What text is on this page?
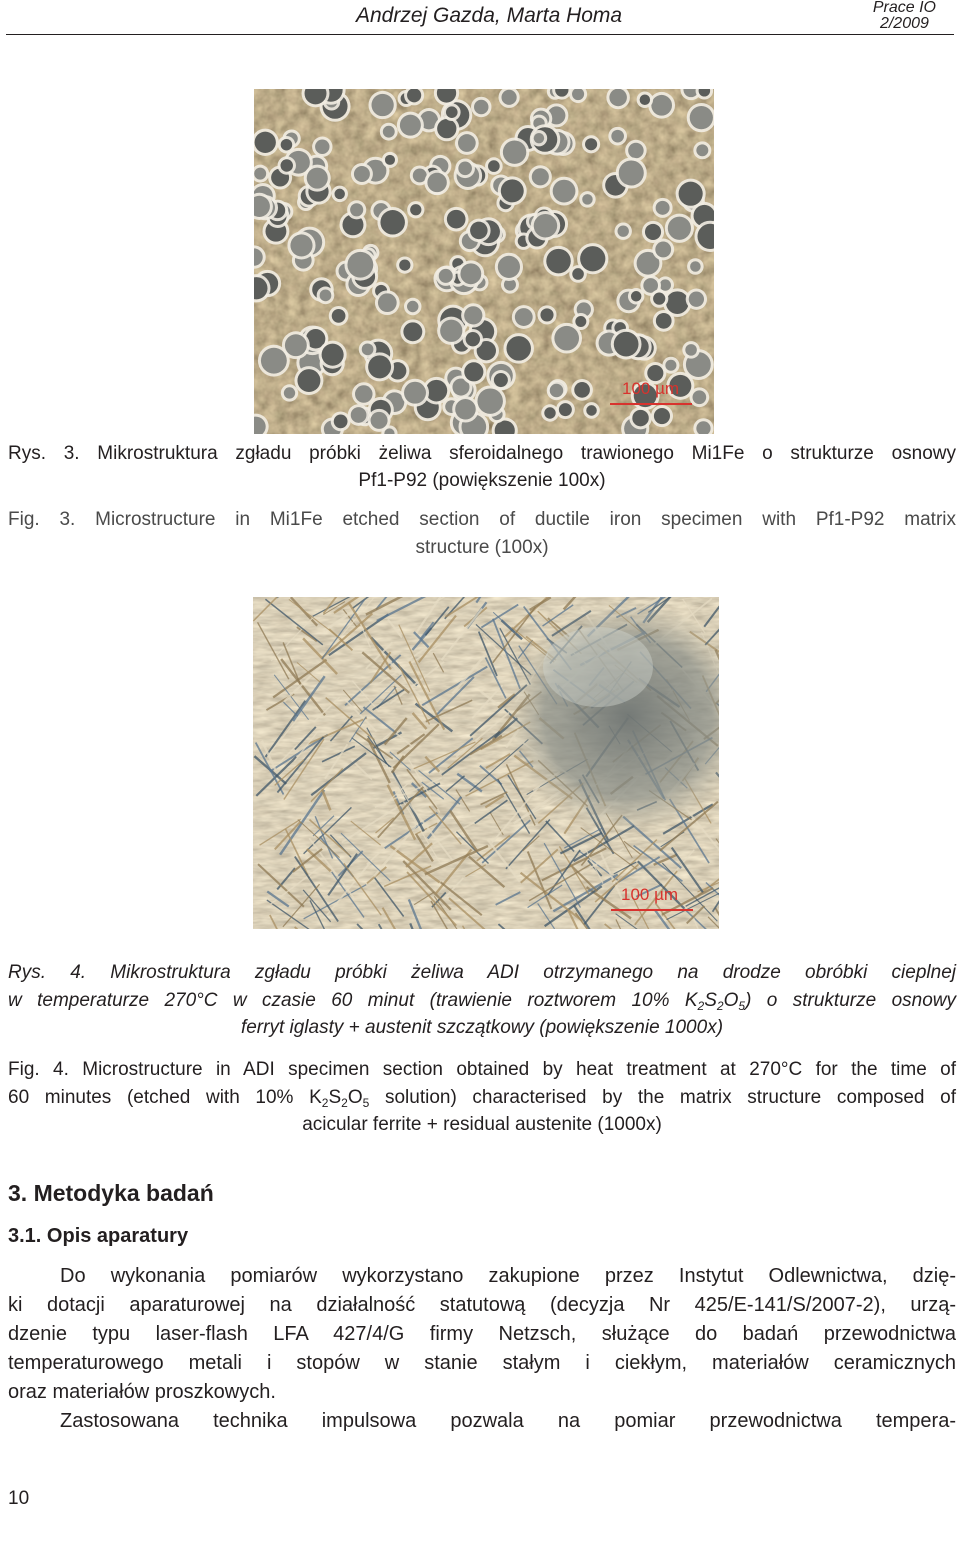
Andrzej Gazda, Marta Homa	Prace IO
2/2009
100 µm
Rys. 3. Mikrostruktura zgładu próbki żeliwa sferoidalnego trawionego Mi1Fe o strukturze osnowy
Pf1-P92 (powiększenie 100x)
Fig. 3. Microstructure in Mi1Fe etched section of ductile iron specimen with Pf1-P92 matrix
structure (100x)
100 µm
Rys. 4. Mikrostruktura zgładu próbki żeliwa ADI otrzymanego na drodze obróbki cieplnej
w temperaturze 270°C w czasie 60 minut (trawienie roztworem 10% $K_2S_2O_5$) o strukturze osnowy
ferryt iglasty + austenit szczątkowy (powiększenie 1000x)
Fig. 4. Microstructure in ADI specimen section obtained by heat treatment at 270°C for the time of
60 minutes (etched with 10% $K_2S_2O_5$ solution) characterised by the matrix structure composed of
acicular ferrite + residual austenite (1000x)
3. Metodyka badań
3.1. Opis aparatury
Do wykonania pomiarów wykorzystano zakupione przez Instytut Odlewnictwa, dzię-
ki dotacji aparaturowej na działalność statutową (decyzja Nr 425/E-141/S/2007-2), urzą-
dzenie typu laser-flash LFA 427/4/G firmy Netzsch, służące do badań przewodnictwa
temperaturowego metali i stopów w stanie stałym i ciekłym, materiałów ceramicznych
oraz materiałów proszkowych.
Zastosowana technika impulsowa pozwala na pomiar przewodnictwa tempera-
10
